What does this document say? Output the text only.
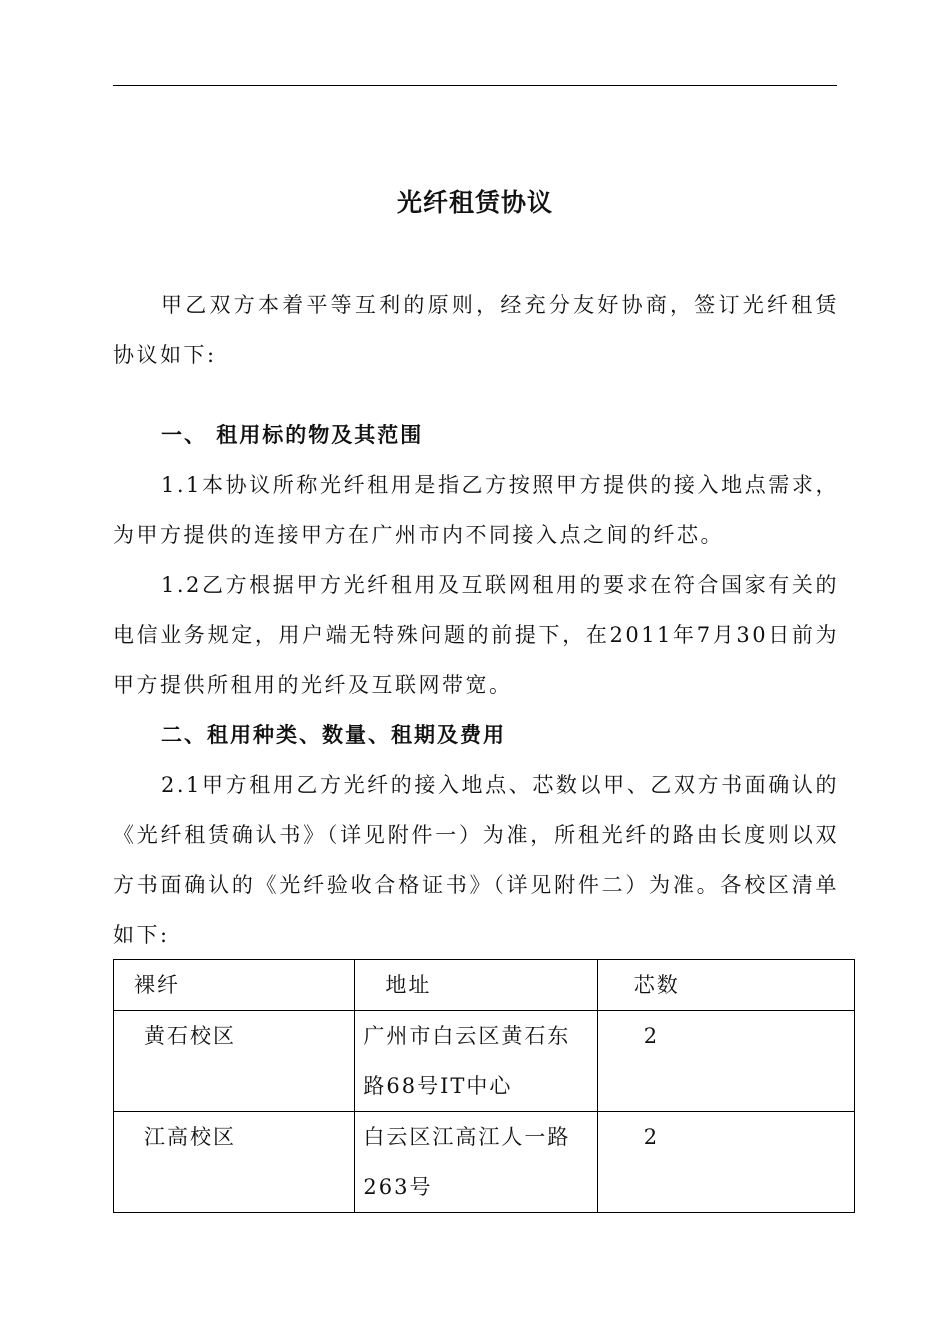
光纤租赁协议

甲乙双方本着平等互利的原则，经充分友好协商，签订光纤租赁协议如下:

一、 租用标的物及其范围

1.1本协议所称光纤租用是指乙方按照甲方提供的接入地点需求，为甲方提供的连接甲方在广州市内不同接入点之间的纤芯。

1.2乙方根据甲方光纤租用及互联网租用的要求在符合国家有关的电信业务规定，用户端无特殊问题的前提下，在2011年7月30日前为甲方提供所租用的光纤及互联网带宽。

二、租用种类、数量、租期及费用

2.1甲方租用乙方光纤的接入地点、芯数以甲、乙双方书面确认的《光纤租赁确认书》（详见附件一）为准，所租光纤的路由长度则以双方书面确认的《光纤验收合格证书》（详见附件二）为准。各校区清单如下:

裸纤	地址	芯数
黄石校区	广州市白云区黄石东路68号IT中心	2
江高校区	白云区江高江人一路263号	2
